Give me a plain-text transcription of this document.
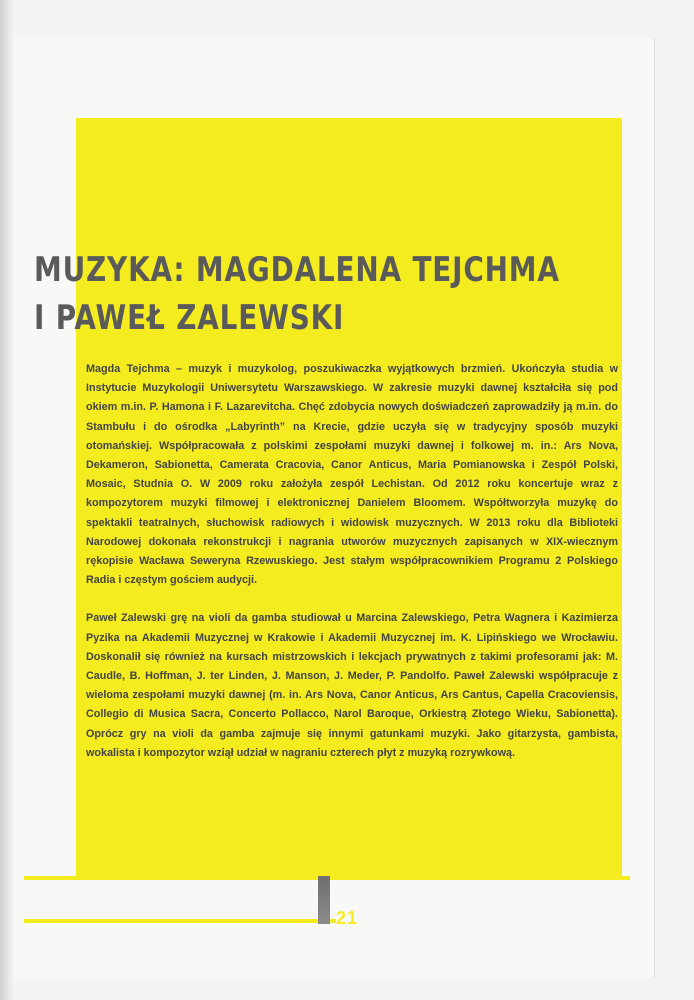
MUZYKA: MAGDALENA TEJCHMA
I PAWEŁ ZALEWSKI

Magda Tejchma – muzyk i muzykolog, poszukiwaczka wyjątkowych brzmień. Ukończyła studia w Instytucie Muzykologii Uniwersytetu Warszawskiego. W zakresie muzyki dawnej kształciła się pod okiem m.in. P. Hamona i F. Lazarevitcha. Chęć zdobycia nowych doświadczeń zaprowadziły ją m.in. do Stambułu i do ośrodka „Labyrinth” na Krecie, gdzie uczyła się w tradycyjny sposób muzyki otomańskiej. Współpracowała z polskimi zespołami muzyki dawnej i folkowej m. in.: Ars Nova, Dekameron, Sabionetta, Camerata Cracovia, Canor Anticus, Maria Pomianowska i Zespół Polski, Mosaic, Studnia O. W 2009 roku założyła zespół Lechistan. Od 2012 roku koncertuje wraz z kompozytorem muzyki filmowej i elektronicznej Danielem Bloomem. Współtworzyła muzykę do spektakli teatralnych, słuchowisk radiowych i widowisk muzycznych. W 2013 roku dla Biblioteki Narodowej dokonała rekonstrukcji i nagrania utworów muzycznych zapisanych w XIX-wiecznym rękopisie Wacława Seweryna Rzewuskiego. Jest stałym współpracownikiem Programu 2 Polskiego Radia i częstym gościem audycji.

Paweł Zalewski grę na violi da gamba studiował u Marcina Zalewskiego, Petra Wagnera i Kazimierza Pyzika na Akademii Muzycznej w Krakowie i Akademii Muzycznej im. K. Lipińskiego we Wrocławiu. Doskonalił się również na kursach mistrzowskich i lekcjach prywatnych z takimi profesorami jak: M. Caudle, B. Hoffman, J. ter Linden, J. Manson, J. Meder, P. Pandolfo. Paweł Zalewski współpracuje z wieloma zespołami muzyki dawnej (m. in. Ars Nova, Canor Anticus, Ars Cantus, Capella Cracoviensis, Collegio di Musica Sacra, Concerto Pollacco, Narol Baroque, Orkiestrą Złotego Wieku, Sabionetta). Oprócz gry na violi da gamba zajmuje się innymi gatunkami muzyki. Jako gitarzysta, gambista, wokalista i kompozytor wziął udział w nagraniu czterech płyt z muzyką rozrywkową.

21
